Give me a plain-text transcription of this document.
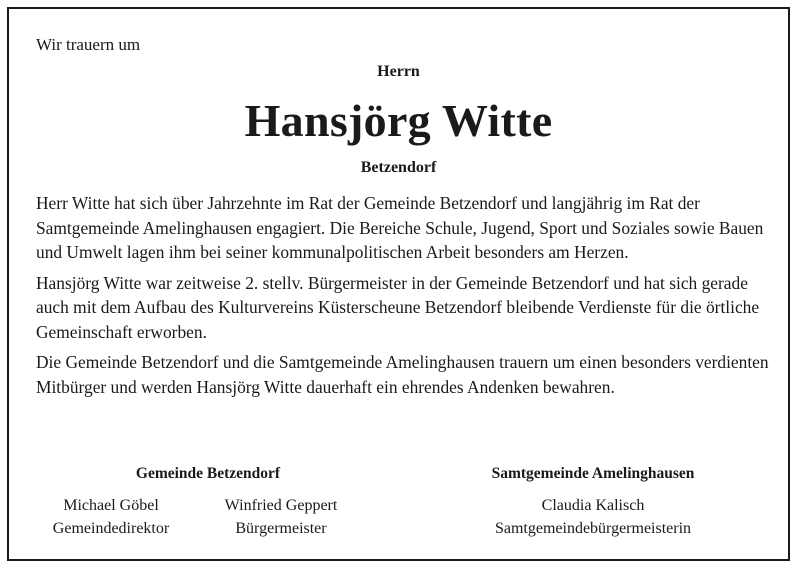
Wir trauern um
Herrn
Hansjörg Witte
Betzendorf

Herr Witte hat sich über Jahrzehnte im Rat der Gemeinde Betzendorf und langjährig im Rat der Samtgemeinde Amelinghausen engagiert. Die Bereiche Schule, Jugend, Sport und Soziales sowie Bauen und Umwelt lagen ihm bei seiner kommunalpolitischen Arbeit besonders am Herzen.

Hansjörg Witte war zeitweise 2. stellv. Bürgermeister in der Gemeinde Betzendorf und hat sich gerade auch mit dem Aufbau des Kulturvereins Küsterscheune Betzendorf bleibende Verdienste für die örtliche Gemeinschaft erworben.

Die Gemeinde Betzendorf und die Samtgemeinde Amelinghausen trauern um einen besonders verdienten Mitbürger und werden Hansjörg Witte dauerhaft ein ehrendes Andenken bewahren.

Gemeinde Betzendorf	Samtgemeinde Amelinghausen
Michael Göbel
Gemeindedirektor
Winfried Geppert
Bürgermeister
Claudia Kalisch
Samtgemeindebürgermeisterin
